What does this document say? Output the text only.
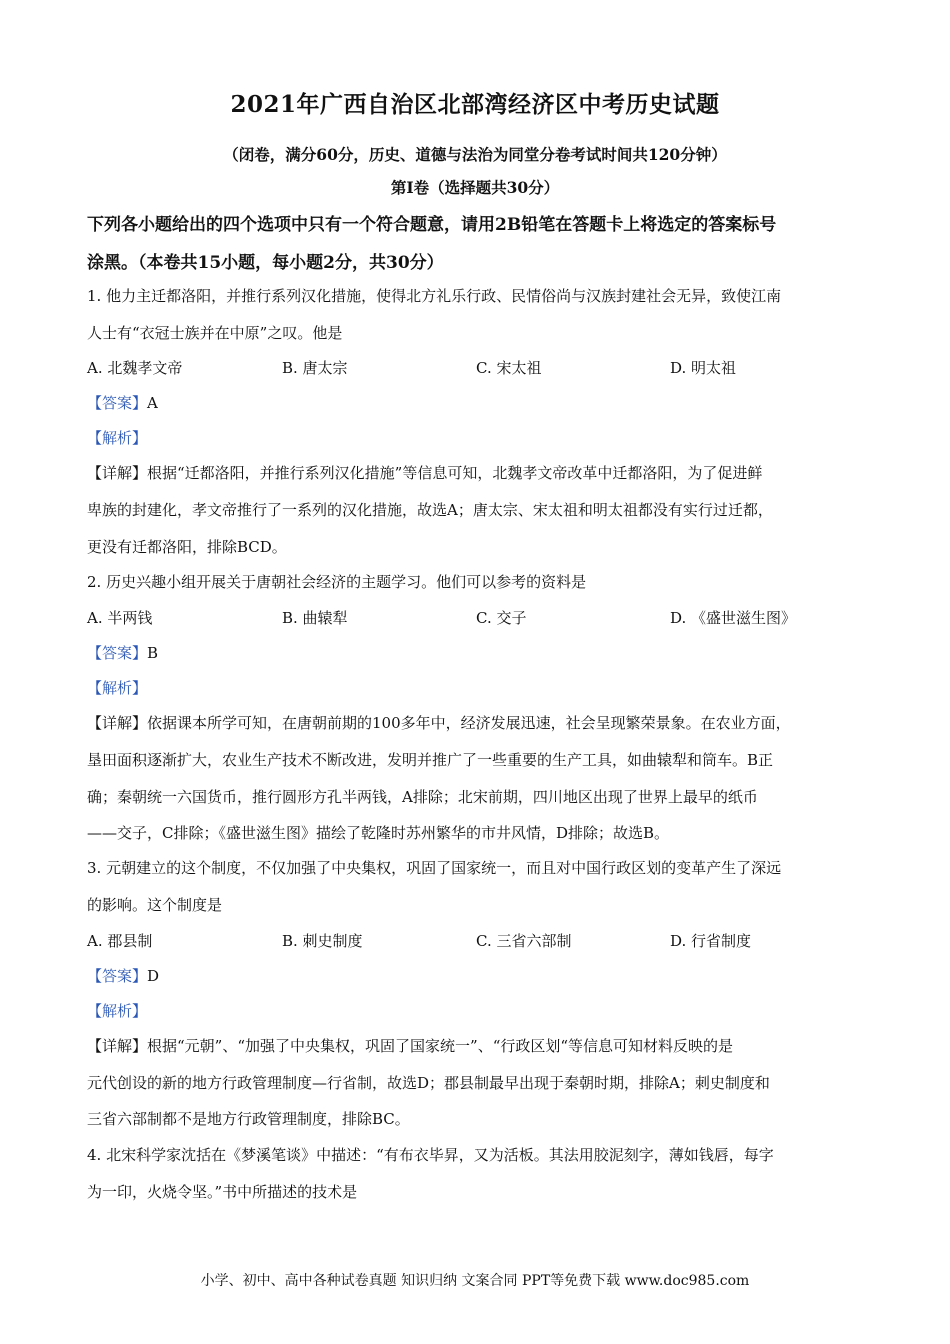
2021年广西自治区北部湾经济区中考历史试题
（闭卷，满分60分，历史、道德与法治为同堂分卷考试时间共120分钟）
第Ⅰ卷（选择题共30分）
下列各小题给出的四个选项中只有一个符合题意，请用2B铅笔在答题卡上将选定的答案标号
涂黑。（本卷共15小题，每小题2分，共30分）
1. 他力主迁都洛阳，并推行系列汉化措施，使得北方礼乐行政、民情俗尚与汉族封建社会无异，致使江南
人士有“衣冠士族并在中原”之叹。他是
A. 北魏孝文帝	B. 唐太宗	C. 宋太祖	D. 明太祖
【答案】A
【解析】
【详解】根据“迁都洛阳，并推行系列汉化措施”等信息可知，北魏孝文帝改革中迁都洛阳，为了促进鲜
卑族的封建化，孝文帝推行了一系列的汉化措施，故选A；唐太宗、宋太祖和明太祖都没有实行过迁都，
更没有迁都洛阳，排除BCD。
2. 历史兴趣小组开展关于唐朝社会经济的主题学习。他们可以参考的资料是
A. 半两钱	B. 曲辕犁	C. 交子	D. 《盛世滋生图》
【答案】B
【解析】
【详解】依据课本所学可知，在唐朝前期的100多年中，经济发展迅速，社会呈现繁荣景象。在农业方面，
垦田面积逐渐扩大，农业生产技术不断改进，发明并推广了一些重要的生产工具，如曲辕犁和筒车。B正
确；秦朝统一六国货币，推行圆形方孔半两钱，A排除；北宋前期，四川地区出现了世界上最早的纸币
——交子，C排除；《盛世滋生图》描绘了乾隆时苏州繁华的市井风情，D排除；故选B。
3. 元朝建立的这个制度，不仅加强了中央集权，巩固了国家统一，而且对中国行政区划的变革产生了深远
的影响。这个制度是
A. 郡县制	B. 刺史制度	C. 三省六部制	D. 行省制度
【答案】D
【解析】
【详解】根据“元朝”、“加强了中央集权，巩固了国家统一”、“行政区划“等信息可知材料反映的是
元代创设的新的地方行政管理制度—行省制，故选D；郡县制最早出现于秦朝时期，排除A；刺史制度和
三省六部制都不是地方行政管理制度，排除BC。
4. 北宋科学家沈括在《梦溪笔谈》中描述：“有布衣毕昇，又为活板。其法用胶泥刻字，薄如钱唇，每字
为一印，火烧令坚。”书中所描述的技术是
小学、初中、高中各种试卷真题 知识归纳 文案合同 PPT等免费下载 www.doc985.com
